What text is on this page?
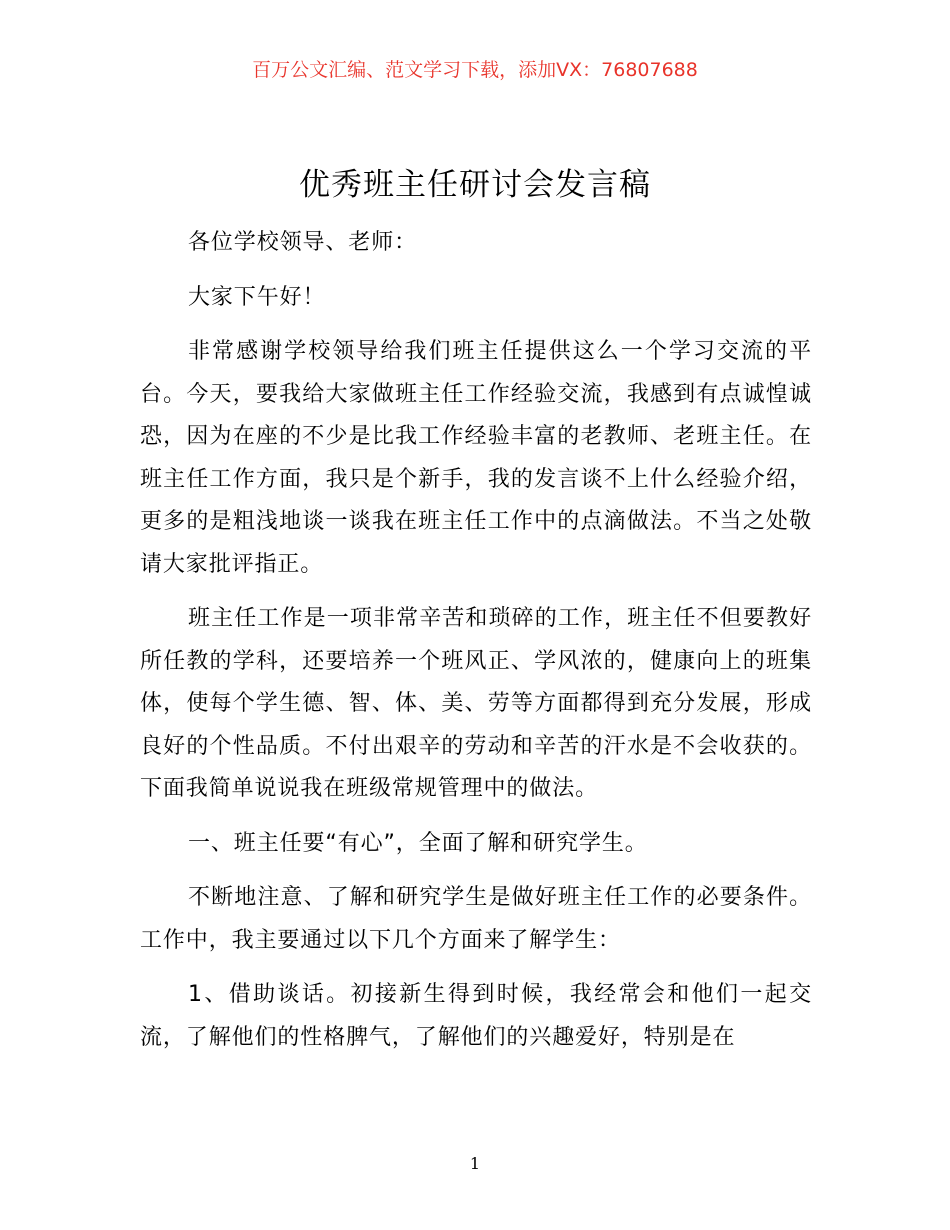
百万公文汇编、范文学习下载，添加VX：76807688
优秀班主任研讨会发言稿

各位学校领导、老师：

大家下午好！

非常感谢学校领导给我们班主任提供这么一个学习交流的平台。今天，要我给大家做班主任工作经验交流，我感到有点诚惶诚恐，因为在座的不少是比我工作经验丰富的老教师、老班主任。在班主任工作方面，我只是个新手，我的发言谈不上什么经验介绍，更多的是粗浅地谈一谈我在班主任工作中的点滴做法。不当之处敬请大家批评指正。

班主任工作是一项非常辛苦和琐碎的工作，班主任不但要教好所任教的学科，还要培养一个班风正、学风浓的，健康向上的班集体，使每个学生德、智、体、美、劳等方面都得到充分发展，形成良好的个性品质。不付出艰辛的劳动和辛苦的汗水是不会收获的。下面我简单说说我在班级常规管理中的做法。

一、班主任要“有心”，全面了解和研究学生。

不断地注意、了解和研究学生是做好班主任工作的必要条件。工作中，我主要通过以下几个方面来了解学生：

1、借助谈话。初接新生得到时候，我经常会和他们一起交流，了解他们的性格脾气，了解他们的兴趣爱好，特别是在

1
